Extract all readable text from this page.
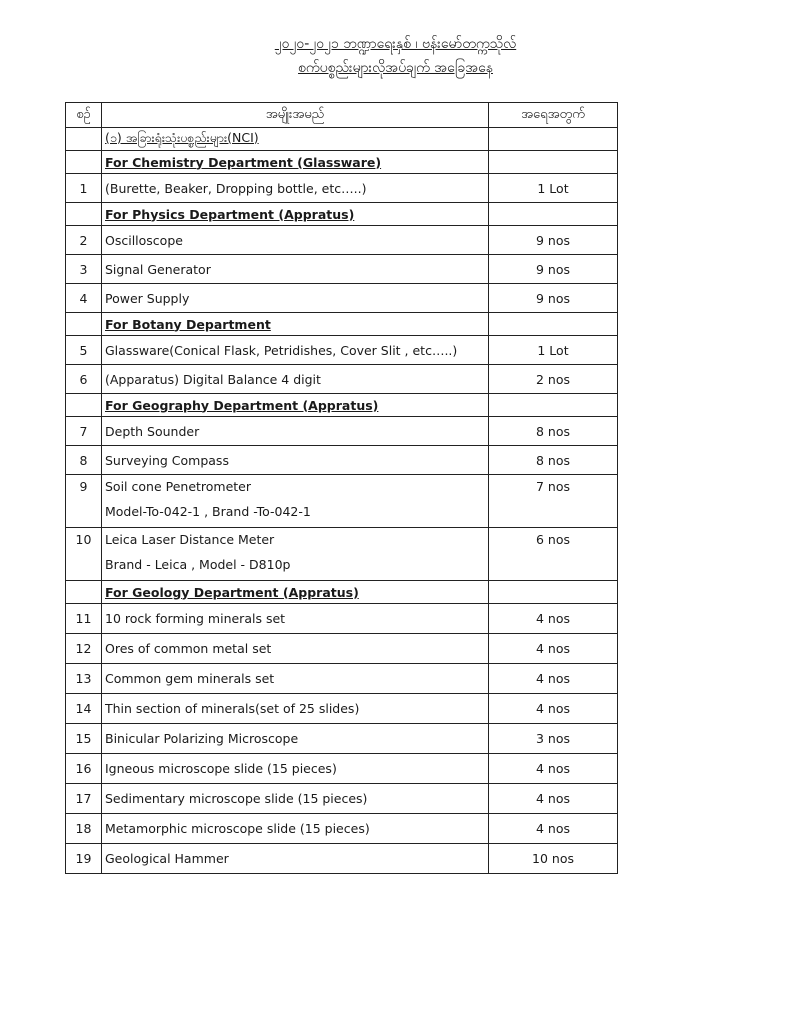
၂၀၂၀-၂၀၂၁ ဘဏ္ဍာရေးနှစ် ၊ ဗန်းမော်တက္ကသိုလ်
စက်ပစ္စည်းများလိုအပ်ချက် အခြေအနေ
စဉ်	အမျိုးအမည်	အရေအတွက်
	(၁) အခြားရုံးသုံးပစ္စည်းများ(NCI)	
	For Chemistry Department (Glassware)	
1	(Burette, Beaker, Dropping bottle, etc…..)	1 Lot
	For Physics Department (Appratus)	
2	Oscilloscope	9 nos
3	Signal Generator	9 nos
4	Power Supply	9 nos
	For Botany Department	
5	Glassware(Conical Flask, Petridishes, Cover Slit , etc…..)	1 Lot
6	(Apparatus) Digital Balance 4 digit	2 nos
	For Geography Department (Appratus)	
7	Depth Sounder	8 nos
8	Surveying Compass	8 nos
9	Soil cone Penetrometer
Model-To-042-1 , Brand -To-042-1	7 nos
10	Leica Laser Distance Meter
Brand - Leica , Model - D810p	6 nos
	For Geology Department (Appratus)	
11	10 rock forming minerals set	4 nos
12	Ores of common metal set	4 nos
13	Common gem minerals set	4 nos
14	Thin section of minerals(set of 25 slides)	4 nos
15	Binicular Polarizing Microscope	3 nos
16	Igneous microscope slide (15 pieces)	4 nos
17	Sedimentary microscope slide (15 pieces)	4 nos
18	Metamorphic microscope slide (15 pieces)	4 nos
19	Geological Hammer	10 nos
